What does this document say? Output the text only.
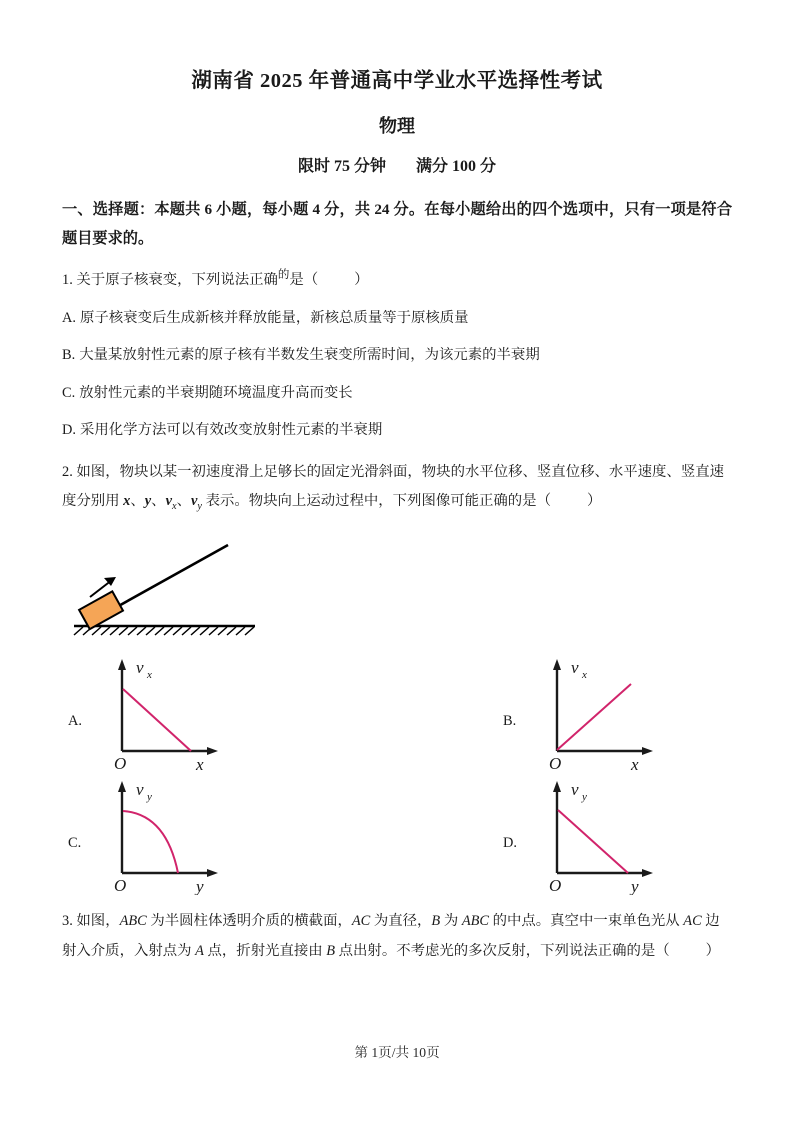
湖南省 2025 年普通高中学业水平选择性考试
物理

限时 75 分钟 满分 100 分

一、选择题：本题共 6 小题，每小题 4 分，共 24 分。在每小题给出的四个选项中，只有一项是符合题目要求的。

1. 关于原子核衰变，下列说法正确$^的$是（	）

A. 原子核衰变后生成新核并释放能量，新核总质量等于原核质量

B. 大量某放射性元素的原子核有半数发生衰变所需时间，为该元素的半衰期

C. 放射性元素的半衰期随环境温度升高而变长

D. 采用化学方法可以有效改变放射性元素的半衰期

2. 如图，物块以某一初速度滑上足够长的固定光滑斜面，物块的水平位移、竖直位移、水平速度、竖直速

度分别用 x、y、$v_x$、$v_y$ 表示。物块向上运动过程中，下列图像可能正确的是（	）

A.
v x
O	x
B.
v x
O	x
C.
v y
O	y
D.
v y
O	y

3. 如图，ABC 为半圆柱体透明介质的横截面，AC 为直径，B 为 ABC 的中点。真空中一束单色光从 AC 边

射入介质，入射点为 A 点，折射光直接由 B 点出射。不考虑光的多次反射，下列说法正确的是（	）

第 1页/共 10页
